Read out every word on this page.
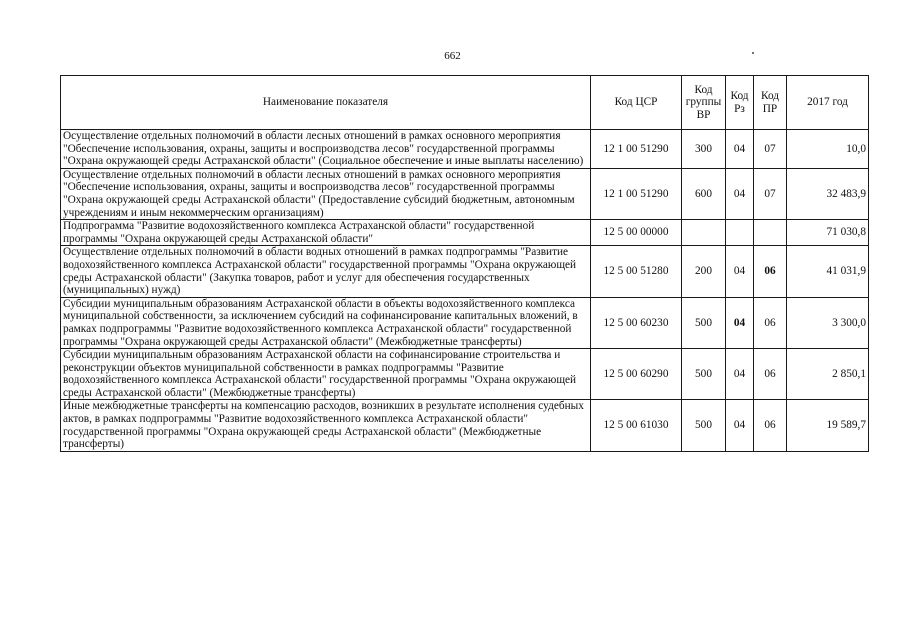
662
Наименование показателя	Код ЦСР	Код группы ВР	Код Рз	Код ПР	2017 год
Осуществление отдельных полномочий в области лесных отношений в рамках основного мероприятия "Обеспечение использования, охраны, защиты и воспроизводства лесов" государственной программы "Охрана окружающей среды Астраханской области" (Социальное обеспечение и иные выплаты населению)	12 1 00 51290	300	04	07	10,0
Осуществление отдельных полномочий в области лесных отношений в рамках основного мероприятия "Обеспечение использования, охраны, защиты и воспроизводства лесов" государственной программы "Охрана окружающей среды Астраханской области" (Предоставление субсидий бюджетным, автономным учреждениям и иным некоммерческим организациям)	12 1 00 51290	600	04	07	32 483,9
Подпрограмма "Развитие водохозяйственного комплекса Астраханской области" государственной программы "Охрана окружающей среды Астраханской области"	12 5 00 00000				71 030,8
Осуществление отдельных полномочий в области водных отношений в рамках подпрограммы "Развитие водохозяйственного комплекса Астраханской области" государственной программы "Охрана окружающей среды Астраханской области" (Закупка товаров, работ и услуг для обеспечения государственных (муниципальных) нужд)	12 5 00 51280	200	04	06	41 031,9
Субсидии муниципальным образованиям Астраханской области в объекты водохозяйственного комплекса муниципальной собственности, за исключением субсидий на софинансирование капитальных вложений, в рамках подпрограммы "Развитие водохозяйственного комплекса Астраханской области" государственной программы "Охрана окружающей среды Астраханской области" (Межбюджетные трансферты)	12 5 00 60230	500	04	06	3 300,0
Субсидии муниципальным образованиям Астраханской области на софинансирование строительства и реконструкции объектов муниципальной собственности в рамках подпрограммы "Развитие водохозяйственного комплекса Астраханской области" государственной программы "Охрана окружающей среды Астраханской области" (Межбюджетные трансферты)	12 5 00 60290	500	04	06	2 850,1
Иные межбюджетные трансферты на компенсацию расходов, возникших в результате исполнения судебных актов, в рамках подпрограммы "Развитие водохозяйственного комплекса Астраханской области" государственной программы "Охрана окружающей среды Астраханской области" (Межбюджетные трансферты)	12 5 00 61030	500	04	06	19 589,7
